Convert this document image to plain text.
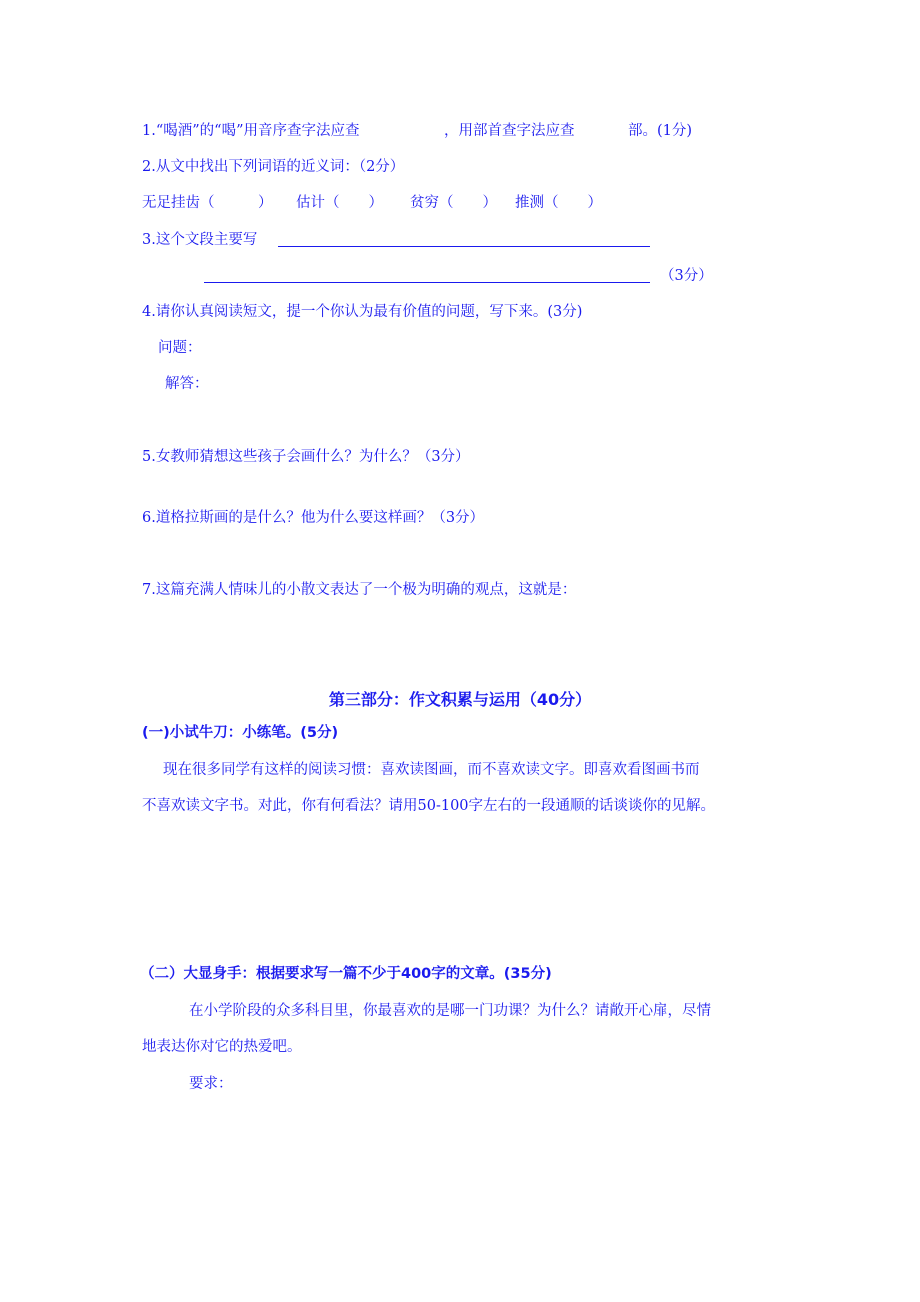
1.“喝酒”的“喝”用音序查字法应查	，用部首查字法应查	部。(1分)
2.从文中找出下列词语的近义词：（2分）
无足挂齿（　　　） 估计（　　） 贫穷（　　） 推测（　　）
3.这个文段主要写
（3分）
4.请你认真阅读短文，提一个你认为最有价值的问题，写下来。(3分)
问题：
解答：
5.女教师猜想这些孩子会画什么？为什么？（3分）
6.道格拉斯画的是什么？他为什么要这样画？（3分）
7.这篇充满人情味儿的小散文表达了一个极为明确的观点，这就是：
第三部分：作文积累与运用（40分）
(一)小试牛刀：小练笔。(5分)
现在很多同学有这样的阅读习惯：喜欢读图画，而不喜欢读文字。即喜欢看图画书而
不喜欢读文字书。对此，你有何看法？请用50-100字左右的一段通顺的话谈谈你的见解。
（二）大显身手：根据要求写一篇不少于400字的文章。(35分)
在小学阶段的众多科目里，你最喜欢的是哪一门功课？为什么？请敞开心扉，尽情
地表达你对它的热爱吧。
要求：
